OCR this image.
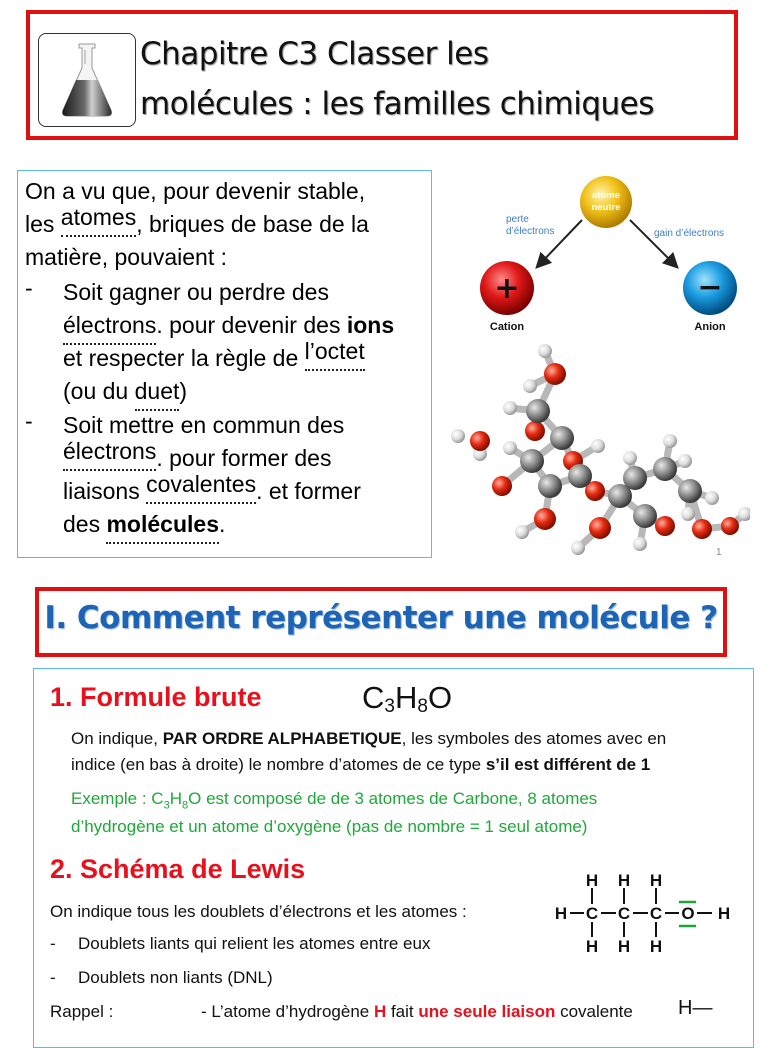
Chapitre C3 Classer les
molécules : les familles chimiques
On a vu que, pour devenir stable,
les atomes, briques de base de la
matière, pouvaient :
- Soit gagner ou perdre des
électrons. pour devenir des ions
et respecter la règle de l’octet
(ou du duet)
- Soit mettre en commun des
électrons. pour former des
liaisons covalentes. et former
des molécules.
atome
neutre
perte
d’électrons	gain d’électrons
+	−
Cation	Anion
1
I. Comment représenter une molécule ?
1. Formule brute	$C_3H_8O$
On indique, PAR ORDRE ALPHABETIQUE, les symboles des atomes avec en
indice (en bas à droite) le nombre d’atomes de ce type s’il est différent de 1
Exemple : $C_3H_8O$ est composé de de 3 atomes de Carbone, 8 atomes
d’hydrogène et un atome d’oxygène (pas de nombre = 1 seul atome)
2. Schéma de Lewis
On indique tous les doublets d’électrons et les atomes :
- Doublets liants qui relient les atomes entre eux
- Doublets non liants (DNL)
Rappel :	- L’atome d’hydrogène H fait une seule liaison covalente H—
H H H
H C C C O H
H H H
